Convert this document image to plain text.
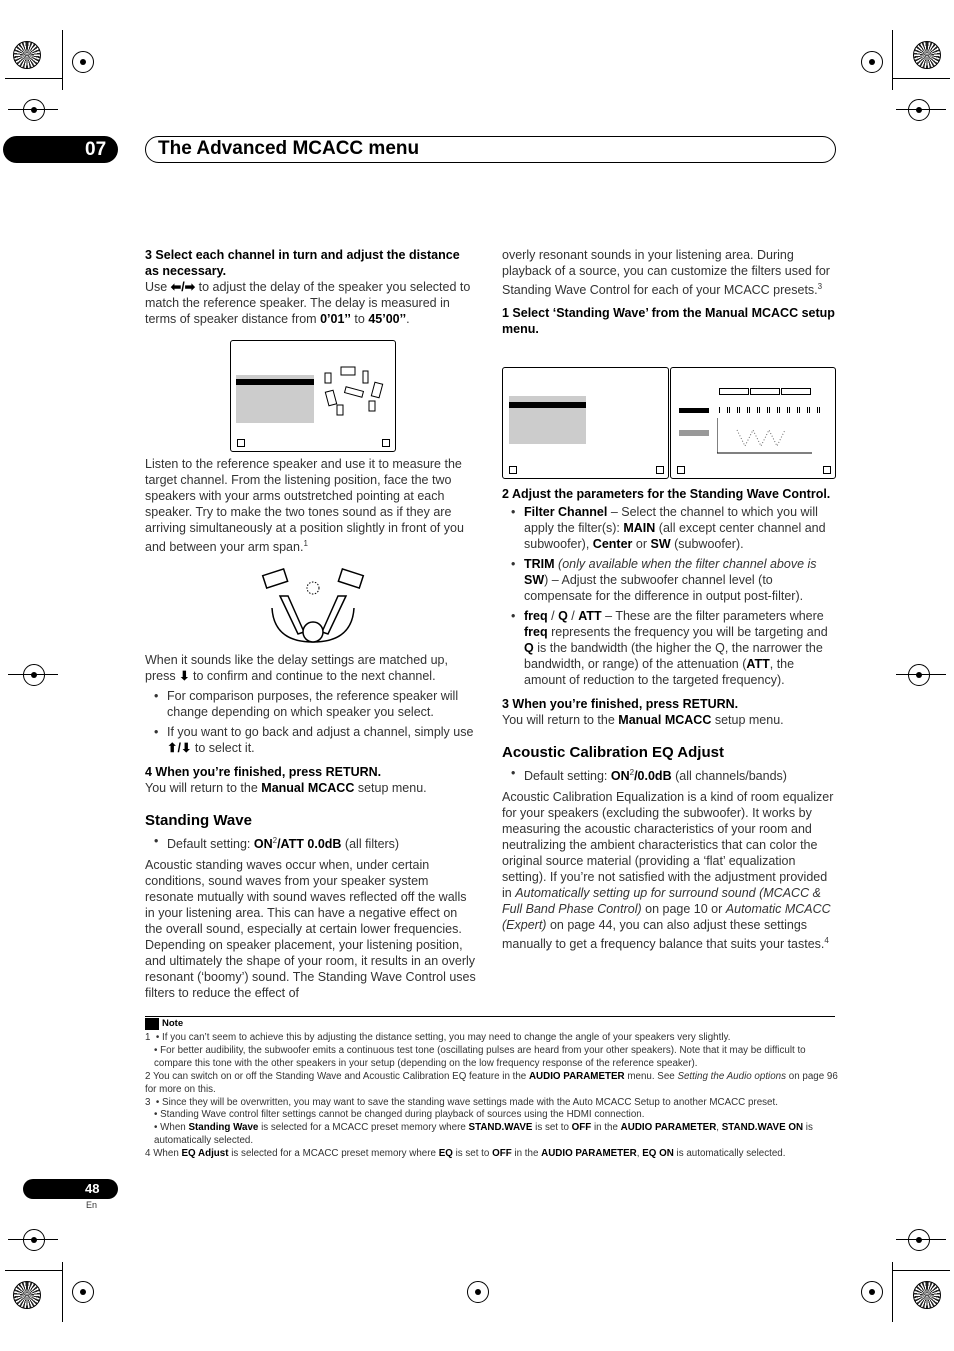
07	The Advanced MCACC menu

3 Select each channel in turn and adjust the distance as necessary.

Use ⬅/➡ to adjust the delay of the speaker you selected to match the reference speaker. The delay is measured in terms of speaker distance from 0’01’’ to 45’00’’.

Listen to the reference speaker and use it to measure the target channel. From the listening position, face the two speakers with your arms outstretched pointing at each speaker. Try to make the two tones sound as if they are arriving simultaneously at a position slightly in front of you and between your arm span.$^1$

When it sounds like the delay settings are matched up, press ⬇ to confirm and continue to the next channel.

• For comparison purposes, the reference speaker will change depending on which speaker you select.

• If you want to go back and adjust a channel, simply use ⬆/⬇ to select it.

4 When you’re finished, press RETURN.

You will return to the Manual MCACC setup menu.

Standing Wave

• Default setting: $ON^2$/ATT 0.0dB (all filters)

Acoustic standing waves occur when, under certain conditions, sound waves from your speaker system resonate mutually with sound waves reflected off the walls in your listening area. This can have a negative effect on the overall sound, especially at certain lower frequencies. Depending on speaker placement, your listening position, and ultimately the shape of your room, it results in an overly resonant (‘boomy’) sound. The Standing Wave Control uses filters to reduce the effect of

overly resonant sounds in your listening area. During playback of a source, you can customize the filters used for Standing Wave Control for each of your MCACC presets.$^3$

1 Select ‘Standing Wave’ from the Manual MCACC setup menu.

2 Adjust the parameters for the Standing Wave Control.

• Filter Channel – Select the channel to which you will apply the filter(s): MAIN (all except center channel and subwoofer), Center or SW (subwoofer).

• TRIM (only available when the filter channel above is SW) – Adjust the subwoofer channel level (to compensate for the difference in output post-filter).

• freq / Q / ATT – These are the filter parameters where freq represents the frequency you will be targeting and Q is the bandwidth (the higher the Q, the narrower the bandwidth, or range) of the attenuation (ATT, the amount of reduction to the targeted frequency).

3 When you’re finished, press RETURN.

You will return to the Manual MCACC setup menu.

Acoustic Calibration EQ Adjust

• Default setting: $ON^2/0.0dB$ (all channels/bands)

Acoustic Calibration Equalization is a kind of room equalizer for your speakers (excluding the subwoofer). It works by measuring the acoustic characteristics of your room and neutralizing the ambient characteristics that can color the original source material (providing a ‘flat’ equalization setting). If you’re not satisfied with the adjustment provided in Automatically setting up for surround sound (MCACC & Full Band Phase Control) on page 10 or Automatic MCACC (Expert) on page 44, you can also adjust these settings manually to get a frequency balance that suits your tastes.$^4$

Note

1 • If you can’t seem to achieve this by adjusting the distance setting, you may need to change the angle of your speakers very slightly.

• For better audibility, the subwoofer emits a continuous test tone (oscillating pulses are heard from your other speakers). Note that it may be difficult to compare this tone with the other speakers in your setup (depending on the low frequency response of the reference speaker).

2 You can switch on or off the Standing Wave and Acoustic Calibration EQ feature in the AUDIO PARAMETER menu. See Setting the Audio options on page 96 for more on this.

3 • Since they will be overwritten, you may want to save the standing wave settings made with the Auto MCACC Setup to another MCACC preset.

• Standing Wave control filter settings cannot be changed during playback of sources using the HDMI connection.

• When Standing Wave is selected for a MCACC preset memory where STAND.WAVE is set to OFF in the AUDIO PARAMETER, STAND.WAVE ON is automatically selected.

4 When EQ Adjust is selected for a MCACC preset memory where EQ is set to OFF in the AUDIO PARAMETER, EQ ON is automatically selected.

48
En
